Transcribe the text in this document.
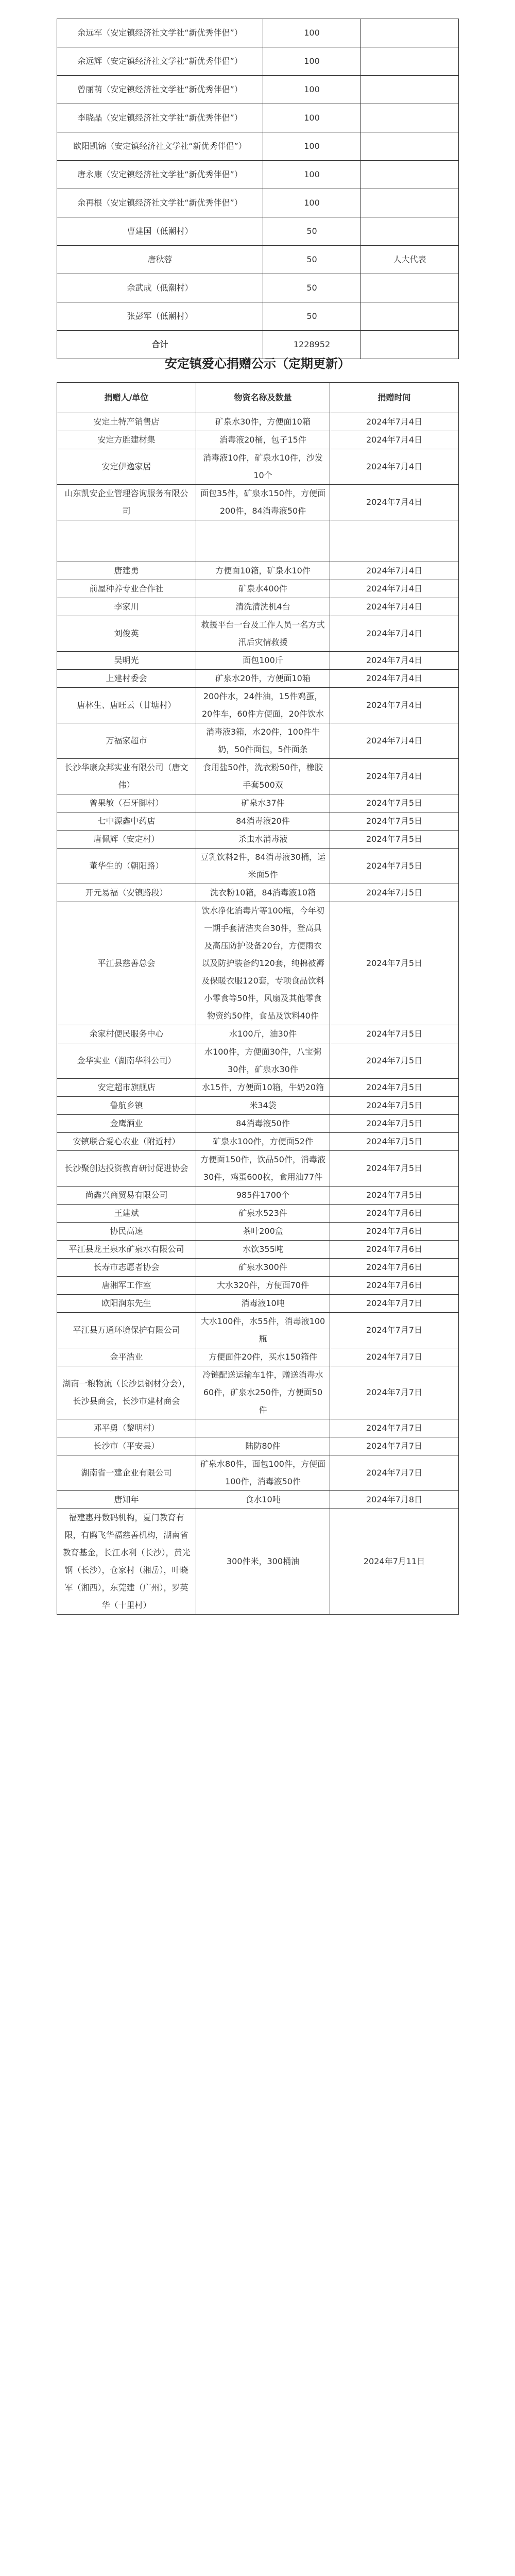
余远军（安定镇经济社文学社“新优秀伴侣”）	100	
余远辉（安定镇经济社文学社“新优秀伴侣”）	100	
曾丽萌（安定镇经济社文学社“新优秀伴侣”）	100	
李晓晶（安定镇经济社文学社“新优秀伴侣”）	100	
欧阳凯锦（安定镇经济社文学社“新优秀伴侣”）	100	
唐永康（安定镇经济社文学社“新优秀伴侣”）	100	
余再根（安定镇经济社文学社“新优秀伴侣”）	100	
曹建国（低潮村）	50	
唐秋蓉	50	人大代表
余武成（低潮村）	50	
张彭军（低潮村）	50	
合计	1228952	
安定镇爱心捐赠公示（定期更新）
捐赠人/单位	物资名称及数量	捐赠时间
安定土特产销售店	矿泉水30件，方便面10箱	2024年7月4日
安定方胜建材集	消毒液20桶，包子15件	2024年7月4日
安定伊逸家居	消毒液10件，矿泉水10件，沙发10个	2024年7月4日
山东凯安企业管理咨询服务有限公司	面包35件，矿泉水150件，方便面200件，84消毒液50件	2024年7月4日

唐建勇	方便面10箱，矿泉水10件	2024年7月4日
前屋种养专业合作社	矿泉水400件	2024年7月4日
李家川	清洗清洗机4台	2024年7月4日
刘俊英	救援平台一台及工作人员一名方式汛后灾情救援	2024年7月4日
吴明光	面包100斤	2024年7月4日
上建村委会	矿泉水20件，方便面10箱	2024年7月4日
唐林生、唐旺云（甘塘村）	200件水，24件油，15件鸡蛋，20件车，60件方便面，20件饮水	2024年7月4日
万福家超市	消毒液3箱，水20件，100件牛奶，50件面包，5件面条	2024年7月4日
长沙华康众邦实业有限公司（唐文伟）	食用盐50件，洗衣粉50件，橡胶手套500双	2024年7月4日
曾果敏（石牙脚村）	矿泉水37件	2024年7月5日
七中源鑫中药店	84消毒液20件	2024年7月5日
唐佩辉（安定村）	杀虫水消毒液	2024年7月5日
董华生的（朝阳路）	豆乳饮料2件，84消毒液30桶，运米面5件	2024年7月5日
开元易福（安镇路段）	洗衣粉10箱，84消毒液10箱	2024年7月5日
平江县慈善总会	饮水净化消毒片等100瓶，今年初一期手套清洁夹台30件，登高具及高压防护设备20台，方便雨衣以及防护装备约120套，纯棉被褥及保暖衣服120套，专项食品饮料小零食等50件，风扇及其他零食物资约50件，食品及饮料40件	2024年7月5日
余家村便民服务中心	水100斤，油30件	2024年7月5日
金华实业（湖南华科公司）	水100件，方便面30件，八宝粥30件，矿泉水30件	2024年7月5日
安定超市旗舰店	水15件，方便面10箱，牛奶20箱	2024年7月5日
鲁航乡镇	米34袋	2024年7月5日
金鹰酒业	84消毒液50件	2024年7月5日
安镇联合爱心农业（附近村）	矿泉水100件，方便面52件	2024年7月5日
长沙聚创达投资教育研讨促进协会	方便面150件，饮品50件，消毒液30件，鸡蛋600枚，食用油77件	2024年7月5日
尚鑫兴商贸易有限公司	985件1700个	2024年7月5日
王建斌	矿泉水523件	2024年7月6日
协民高速	茶叶200盒	2024年7月6日
平江县龙王泉水矿泉水有限公司	水饮355吨	2024年7月6日
长寿市志愿者协会	矿泉水300件	2024年7月6日
唐湘军工作室	大水320件，方便面70件	2024年7月6日
欧阳润东先生	消毒液10吨	2024年7月7日
平江县万通环境保护有限公司	大水100件，水55件，消毒液100瓶	2024年7月7日
金平浩业	方便面件20件，买水150箱件	2024年7月7日
湖南一粮物流（长沙县钢材分会），长沙县商会，长沙市建材商会	冷链配送运输车1件，赠送消毒水60件，矿泉水250件，方便面50件	2024年7月7日
邓平勇（黎明村）		2024年7月7日
长沙市（平安县）	陆防80件	2024年7月7日
湖南省一建企业有限公司	矿泉水80件，面包100件，方便面100件，消毒液50件	2024年7月7日
唐知年	食水10吨	2024年7月8日
福建惠丹数码机构，夏门教育有限，有鸥飞华福慈善机构，湖南省教育基金，长江水利（长沙），黄光钢（长沙），仓家村（湘岳），叶晓军（湘西），东莞建（广州），罗英华（十里村）	300件米，300桶油	2024年7月11日
